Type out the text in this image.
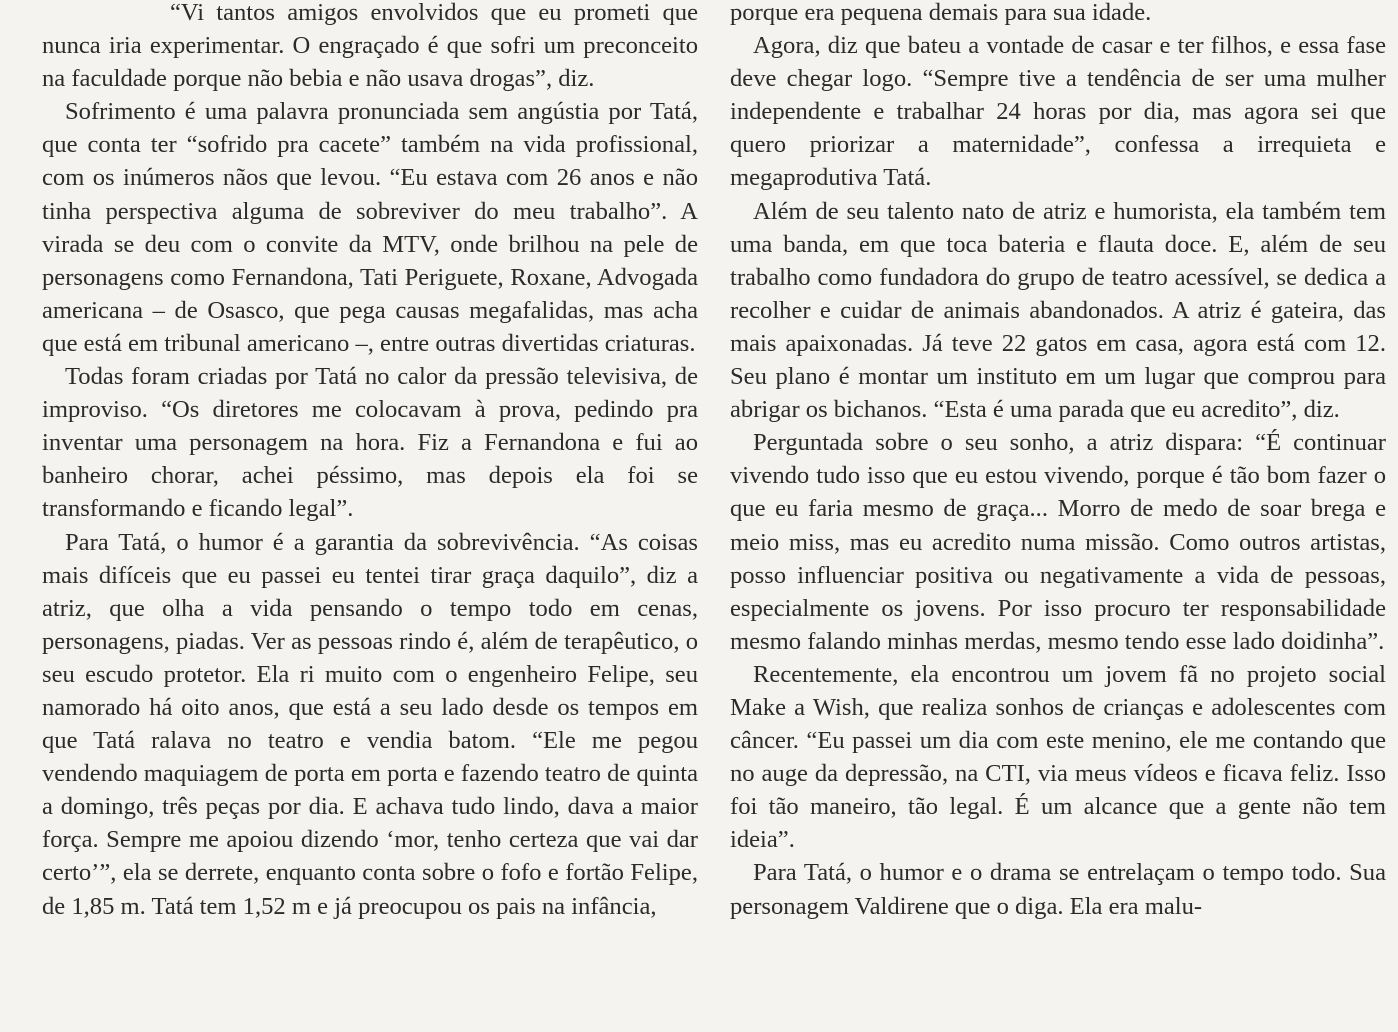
“Vi tantos amigos envolvidos que eu prometi que nunca iria experimentar. O engraçado é que sofri um preconceito na faculdade porque não bebia e não usava drogas”, diz.

Sofrimento é uma palavra pronunciada sem angústia por Tatá, que conta ter “sofrido pra cacete” também na vida profissional, com os inúmeros nãos que levou. “Eu estava com 26 anos e não tinha perspectiva alguma de sobreviver do meu trabalho”. A virada se deu com o convite da MTV, onde brilhou na pele de personagens como Fernandona, Tati Periguete, Roxane, Advogada americana – de Osasco, que pega causas megafalidas, mas acha que está em tribunal americano –, entre outras divertidas criaturas.

Todas foram criadas por Tatá no calor da pressão televisiva, de improviso. “Os diretores me colocavam à prova, pedindo pra inventar uma personagem na hora. Fiz a Fernandona e fui ao banheiro chorar, achei péssimo, mas depois ela foi se transformando e ficando legal”.

Para Tatá, o humor é a garantia da sobrevivência. “As coisas mais difíceis que eu passei eu tentei tirar graça daquilo”, diz a atriz, que olha a vida pensando o tempo todo em cenas, personagens, piadas. Ver as pessoas rindo é, além de terapêutico, o seu escudo protetor. Ela ri muito com o engenheiro Felipe, seu namorado há oito anos, que está a seu lado desde os tempos em que Tatá ralava no teatro e vendia batom. “Ele me pegou vendendo maquiagem de porta em porta e fazendo teatro de quinta a domingo, três peças por dia. E achava tudo lindo, dava a maior força. Sempre me apoiou dizendo ‘mor, tenho certeza que vai dar certo’”, ela se derrete, enquanto conta sobre o fofo e fortão Felipe, de 1,85 m. Tatá tem 1,52 m e já preocupou os pais na infância,

porque era pequena demais para sua idade.

Agora, diz que bateu a vontade de casar e ter filhos, e essa fase deve chegar logo. “Sempre tive a tendência de ser uma mulher independente e trabalhar 24 horas por dia, mas agora sei que quero priorizar a maternidade”, confessa a irrequieta e megaprodutiva Tatá.

Além de seu talento nato de atriz e humorista, ela também tem uma banda, em que toca bateria e flauta doce. E, além de seu trabalho como fundadora do grupo de teatro acessível, se dedica a recolher e cuidar de animais abandonados. A atriz é gateira, das mais apaixonadas. Já teve 22 gatos em casa, agora está com 12. Seu plano é montar um instituto em um lugar que comprou para abrigar os bichanos. “Esta é uma parada que eu acredito”, diz.

Perguntada sobre o seu sonho, a atriz dispara: “É continuar vivendo tudo isso que eu estou vivendo, porque é tão bom fazer o que eu faria mesmo de graça... Morro de medo de soar brega e meio miss, mas eu acredito numa missão. Como outros artistas, posso influenciar positiva ou negativamente a vida de pessoas, especialmente os jovens. Por isso procuro ter responsabilidade mesmo falando minhas merdas, mesmo tendo esse lado doidinha”.

Recentemente, ela encontrou um jovem fã no projeto social Make a Wish, que realiza sonhos de crianças e adolescentes com câncer. “Eu passei um dia com este menino, ele me contando que no auge da depressão, na CTI, via meus vídeos e ficava feliz. Isso foi tão maneiro, tão legal. É um alcance que a gente não tem ideia”.

Para Tatá, o humor e o drama se entrelaçam o tempo todo. Sua personagem Valdirene que o diga. Ela era malu-
